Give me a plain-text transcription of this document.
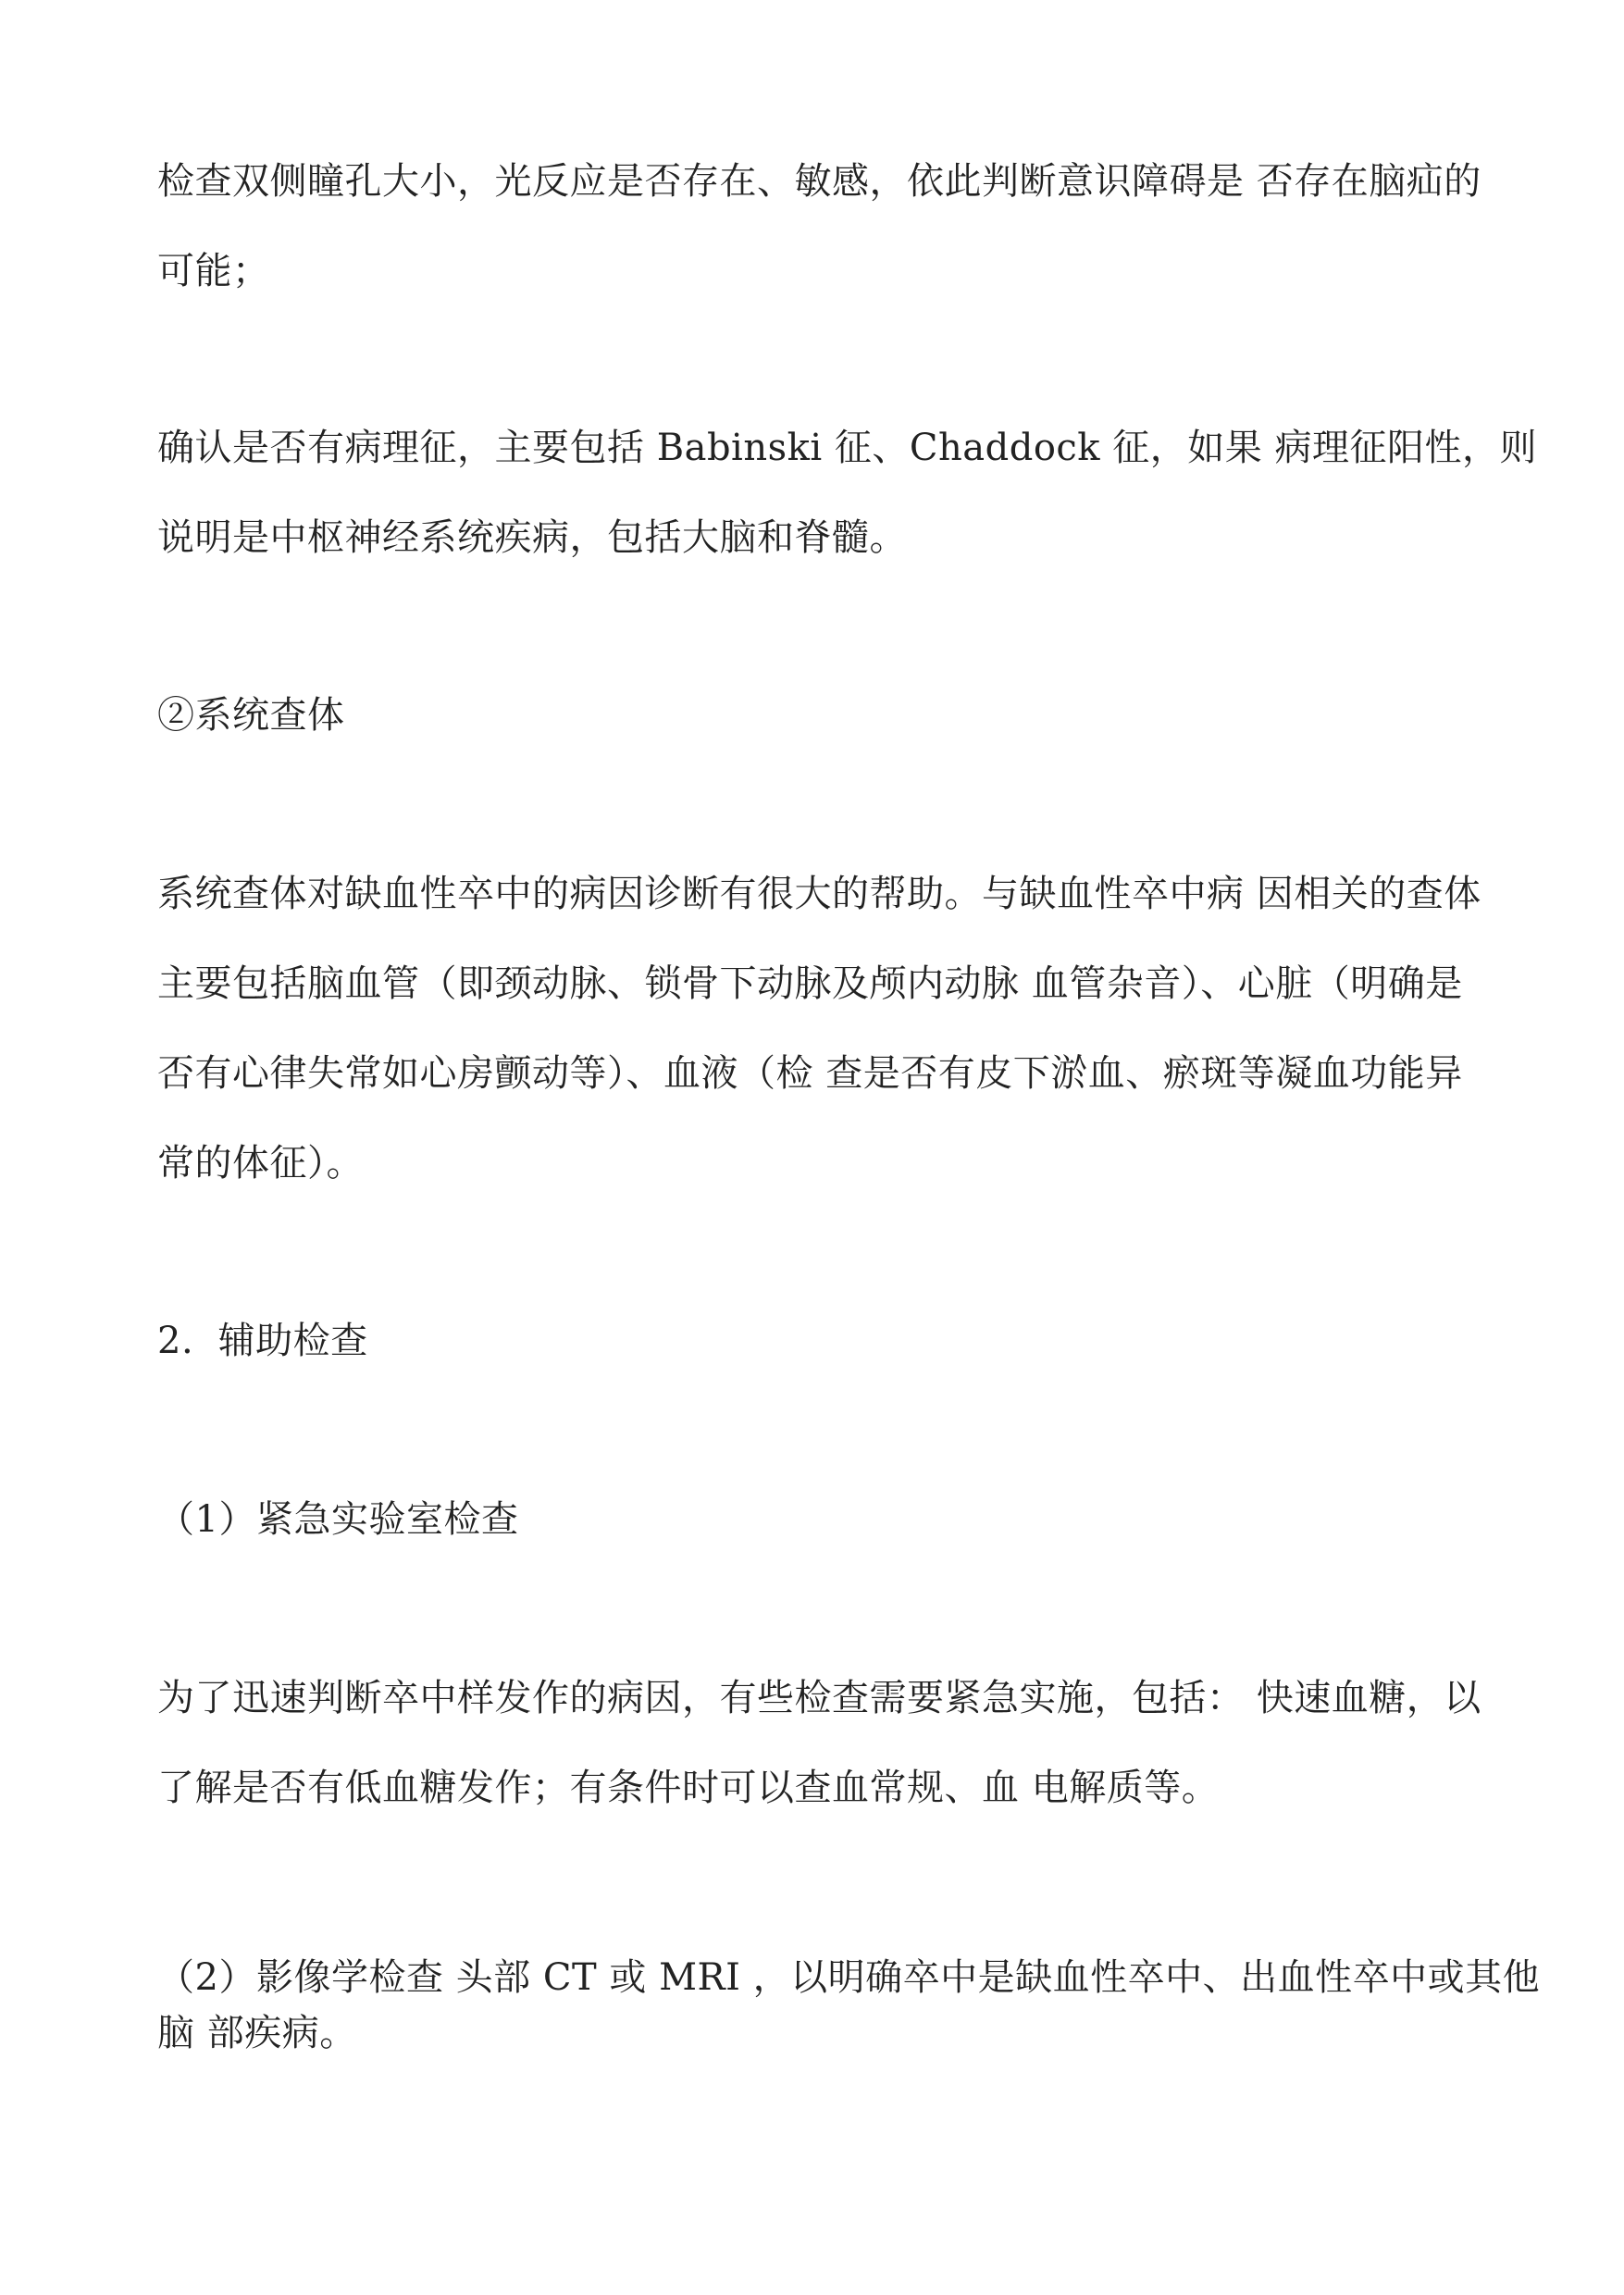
检查双侧瞳孔大小，光反应是否存在、敏感，依此判断意识障碍是 否存在脑疝的
可能；

确认是否有病理征，主要包括 Babinski 征、Chaddock 征，如果 病理征阳性，则
说明是中枢神经系统疾病，包括大脑和脊髓。

②系统查体

系统查体对缺血性卒中的病因诊断有很大的帮助。与缺血性卒中病 因相关的查体
主要包括脑血管（即颈动脉、锁骨下动脉及颅内动脉 血管杂音）、心脏（明确是
否有心律失常如心房颤动等）、血液（检 查是否有皮下淤血、瘀斑等凝血功能异
常的体征）。

2.  辅助检查

（1）紧急实验室检查

为了迅速判断卒中样发作的病因，有些检查需要紧急实施，包括： 快速血糖，以
了解是否有低血糖发作；有条件时可以查血常规、血 电解质等。

（2）影像学检查 头部 CT 或 MRI ，以明确卒中是缺血性卒中、出血性卒中或其他
脑 部疾病。
